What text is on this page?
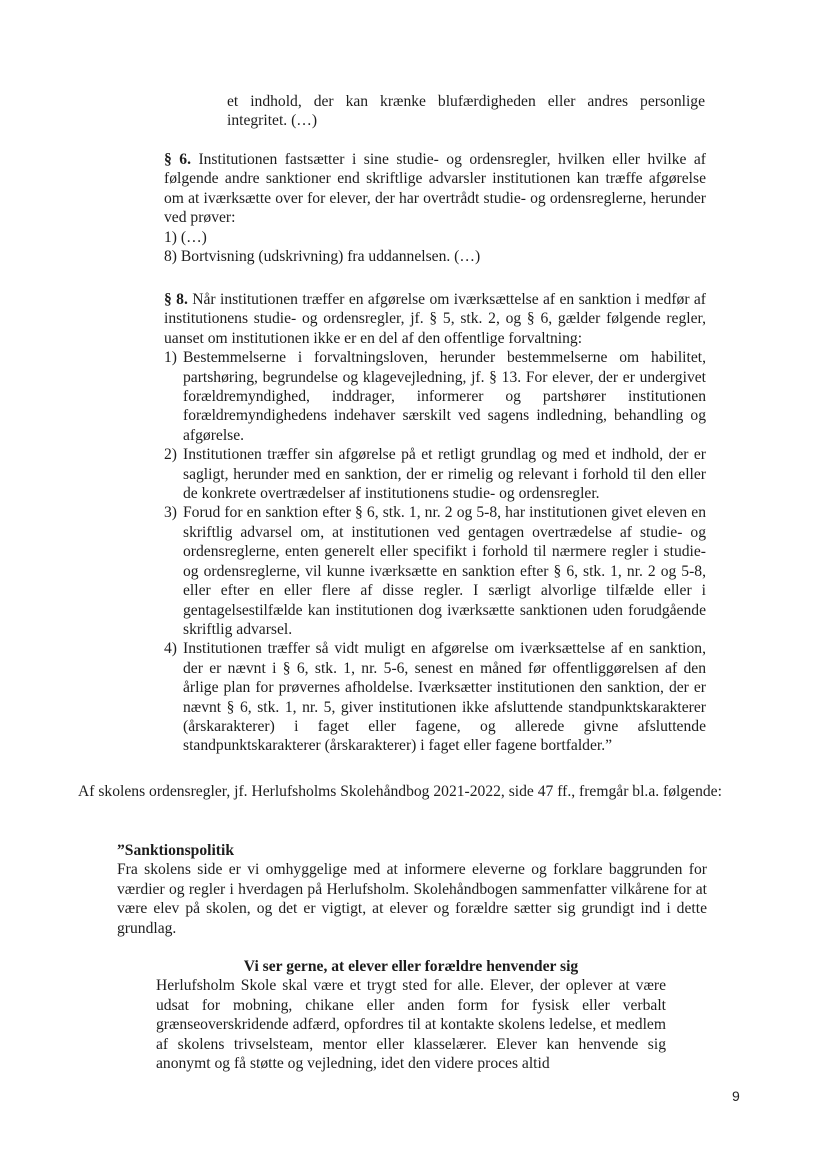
et indhold, der kan krænke blufærdigheden eller andres personlige

integritet. (…)

§ 6. Institutionen fastsætter i sine studie- og ordensregler, hvilken eller hvilke af følgende andre sanktioner end skriftlige advarsler institutionen kan træffe afgørelse om at iværksætte over for elever, der har overtrådt studie- og ordensreglerne, herunder ved prøver:

1) (…)

8) Bortvisning (udskrivning) fra uddannelsen. (…)

§ 8. Når institutionen træffer en afgørelse om iværksættelse af en sanktion i medfør af institutionens studie- og ordensregler, jf. § 5, stk. 2, og § 6, gælder følgende regler, uanset om institutionen ikke er en del af den offentlige forvaltning:

1) Bestemmelserne i forvaltningsloven, herunder bestemmelserne om habilitet, partshøring, begrundelse og klagevejledning, jf. § 13. For elever, der er undergivet forældremyndighed, inddrager, informerer og partshører institutionen forældremyndighedens indehaver særskilt ved sagens indledning, behandling og afgørelse.
2) Institutionen træffer sin afgørelse på et retligt grundlag og med et indhold, der er sagligt, herunder med en sanktion, der er rimelig og relevant i forhold til den eller de konkrete overtrædelser af institutionens studie- og ordensregler.
3) Forud for en sanktion efter § 6, stk. 1, nr. 2 og 5-8, har institutionen givet eleven en skriftlig advarsel om, at institutionen ved gentagen overtrædelse af studie- og ordensreglerne, enten generelt eller specifikt i forhold til nærmere regler i studie- og ordensreglerne, vil kunne iværksætte en sanktion efter § 6, stk. 1, nr. 2 og 5-8, eller efter en eller flere af disse regler. I særligt alvorlige tilfælde eller i gentagelsestilfælde kan institutionen dog iværksætte sanktionen uden forudgående skriftlig advarsel.
4) Institutionen træffer så vidt muligt en afgørelse om iværksættelse af en sanktion, der er nævnt i § 6, stk. 1, nr. 5-6, senest en måned før offentliggørelsen af den årlige plan for prøvernes afholdelse. Iværksætter institutionen den sanktion, der er nævnt § 6, stk. 1, nr. 5, giver institutionen ikke afsluttende standpunktskarakterer (årskarakterer) i faget eller fagene, og allerede givne afsluttende standpunktskarakterer (årskarakterer) i faget eller fagene bortfalder.”

Af skolens ordensregler, jf. Herlufsholms Skolehåndbog 2021-2022, side 47 ff., fremgår bl.a. følgende:

”Sanktionspolitik

Fra skolens side er vi omhyggelige med at informere eleverne og forklare baggrunden for værdier og regler i hverdagen på Herlufsholm. Skolehåndbogen sammenfatter vilkårene for at være elev på skolen, og det er vigtigt, at elever og forældre sætter sig grundigt ind i dette grundlag.

Vi ser gerne, at elever eller forældre henvender sig

Herlufsholm Skole skal være et trygt sted for alle. Elever, der oplever at være udsat for mobning, chikane eller anden form for fysisk eller verbalt grænseoverskridende adfærd, opfordres til at kontakte skolens ledelse, et medlem af skolens trivselsteam, mentor eller klasselærer. Elever kan henvende sig anonymt og få støtte og vejledning, idet den videre proces altid

9
